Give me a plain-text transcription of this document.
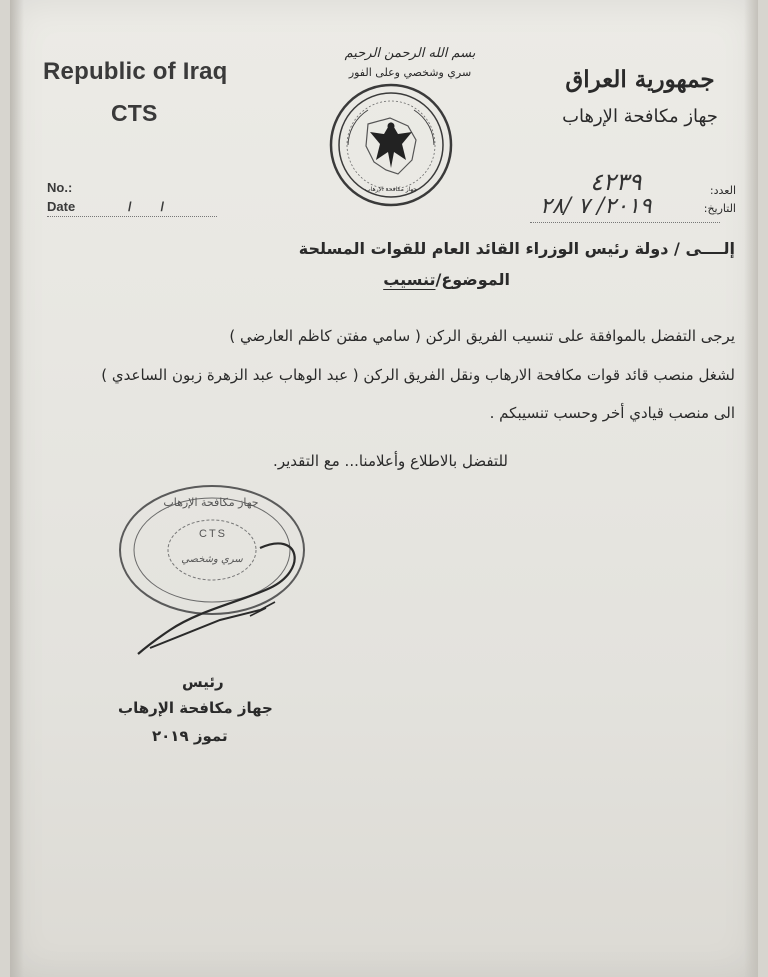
Republic of Iraq
CTS
جمهورية العراق
جهاز مكافحة الإرهاب
بسم الله الرحمن الرحيم
سري وشخصي وعلى الفور
جهاز مكافحة الإرهاب
No.:
Date	/        /
العدد:
التاريخ:
٤٢٣٩
٢٠١٩/ ٧ /٢٨
إلــــى / دولة رئيس الوزراء القائد العام للقوات المسلحة
الموضوع/تنسيب
يرجى التفضل بالموافقة على تنسيب الفريق الركن ( سامي مفتن كاظم العارضي )
لشغل منصب قائد قوات مكافحة الارهاب ونقل الفريق الركن ( عبد الوهاب عبد الزهرة زبون الساعدي )
الى منصب قيادي أخر وحسب تنسيبكم .
للتفضل بالاطلاع وأعلامنا... مع التقدير.
جهاز مكافحة الإرهاب
CTS
سري وشخصي
رئيس
جهاز مكافحة الإرهاب
تموز ٢٠١٩
